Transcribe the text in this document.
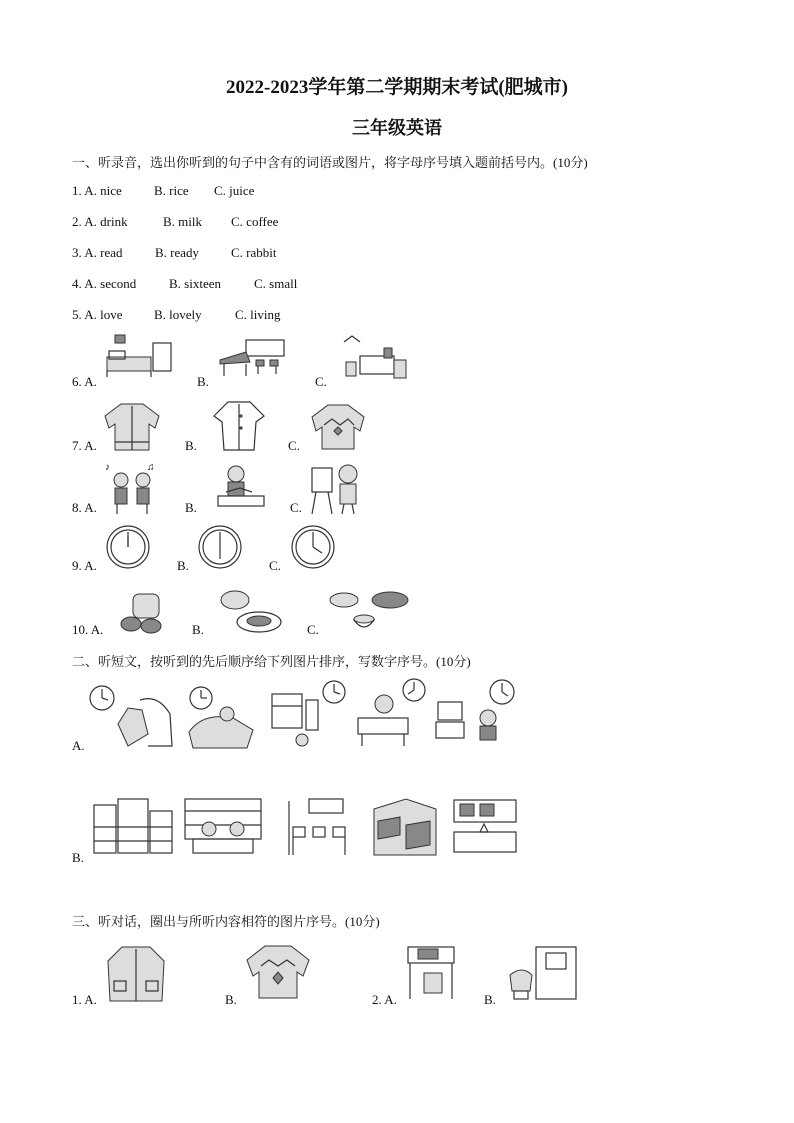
2022-2023学年第二学期期末考试(肥城市)
三年级英语
一、听录音，选出你听到的句子中含有的词语或图片，将字母序号填入题前括号内。(10分)
1. A. nice B. rice C. juice
2. A. drink	B. milk C. coffee
3. A. read B. ready C. rabbit
4. A. second	B. sixteen	C. small
5. A. love B. lovely	C. living
6. A.	B.	C.
7. A.	B.	C.
8. A.	B.	C.
9. A.	B.	C.
10. A.	B.	C.
♪	♫
二、听短文，按听到的先后顺序给下列图片排序，写数字序号。(10分)
A.
B.
三、听对话，圈出与所听内容相符的图片序号。(10分)
1. A.	B.	2. A.	B.
